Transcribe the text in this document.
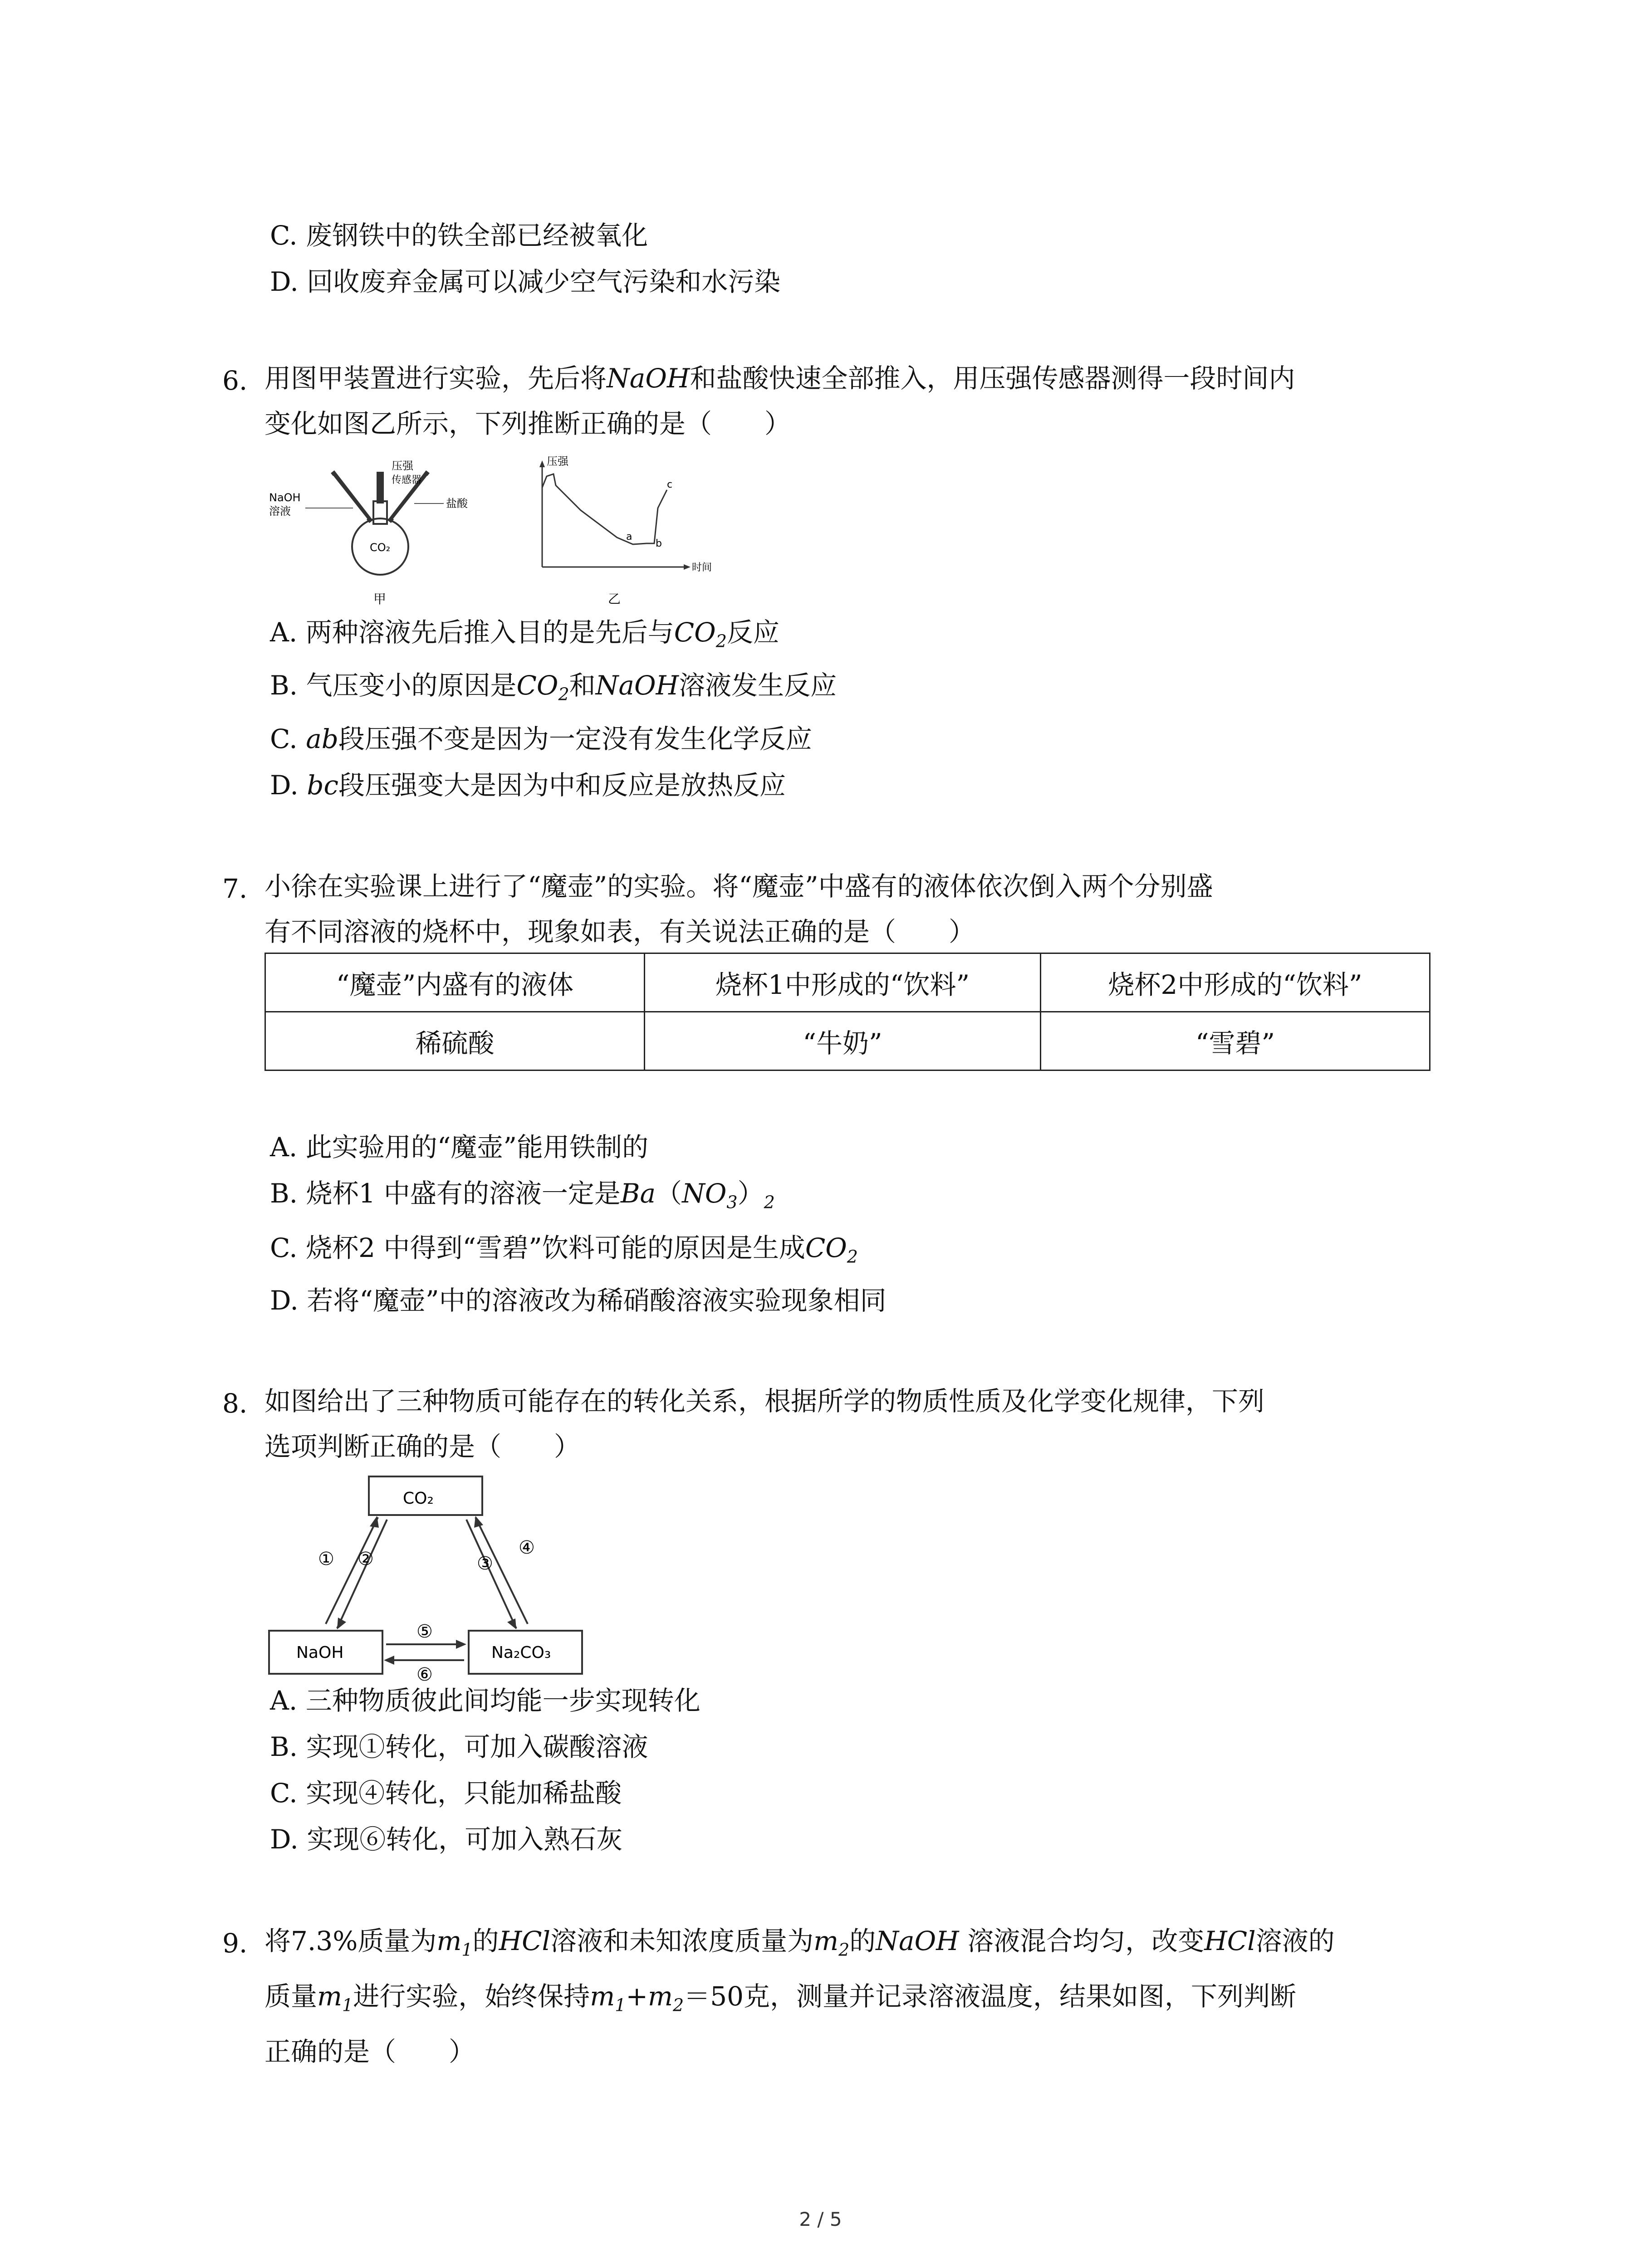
C. 废钢铁中的铁全部已经被氧化
D. 回收废弃金属可以减少空气污染和水污染
6. 用图甲装置进行实验，先后将NaOH和盐酸快速全部推入，用压强传感器测得一段时间内
变化如图乙所示，下列推断正确的是（　　）
NaOH
溶液
压强
传感器
盐酸
CO₂
甲
压强
时间
a
b
c
乙
A. 两种溶液先后推入目的是先后与$CO_2$反应
B. 气压变小的原因是$CO_2$和NaOH溶液发生反应
C. ab段压强不变是因为一定没有发生化学反应
D. bc段压强变大是因为中和反应是放热反应
7. 小徐在实验课上进行了“魔壶”的实验。将“魔壶”中盛有的液体依次倒入两个分别盛
有不同溶液的烧杯中，现象如表，有关说法正确的是（　　）
“魔壶”内盛有的液体	烧杯1中形成的“饮料”	烧杯2中形成的“饮料”
稀硫酸	“牛奶”	“雪碧”
A. 此实验用的“魔壶”能用铁制的
B. 烧杯1 中盛有的溶液一定是$Ba(NO_3)_2$
C. 烧杯2 中得到“雪碧”饮料可能的原因是生成$CO_2$
D. 若将“魔壶”中的溶液改为稀硝酸溶液实验现象相同
8. 如图给出了三种物质可能存在的转化关系，根据所学的物质性质及化学变化规律，下列
选项判断正确的是（　　）
CO₂
NaOH	Na₂CO₃
① ②	③
④
⑤
⑥
A. 三种物质彼此间均能一步实现转化
B. 实现①转化，可加入碳酸溶液
C. 实现④转化，只能加稀盐酸
D. 实现⑥转化，可加入熟石灰
9. 将7.3%质量为$m_1$的HCl溶液和未知浓度质量为$m_2$的NaOH 溶液混合均匀，改变HCl溶液的
质量$m_1$进行实验，始终保持$m_1+m_2=50$克，测量并记录溶液温度，结果如图，下列判断
正确的是（　　）
2 / 5
